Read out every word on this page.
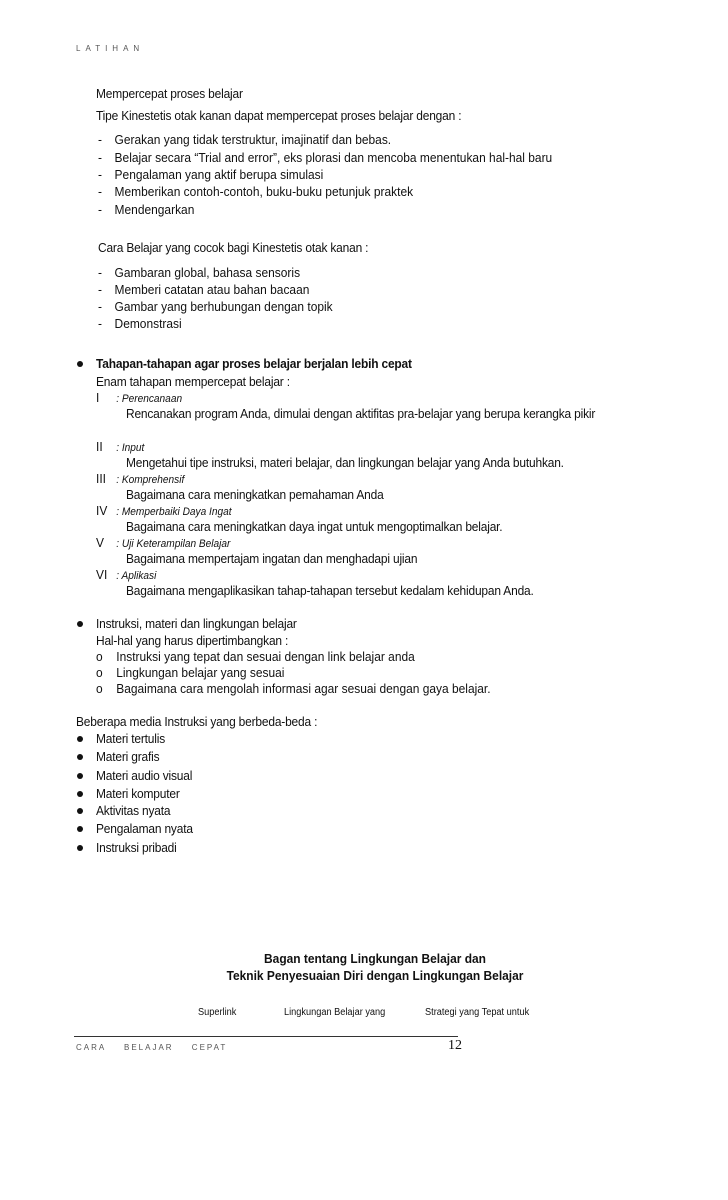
LATIHAN
Mempercepat proses belajar
Tipe Kinestetis otak kanan dapat mempercepat proses belajar dengan :
- Gerakan yang tidak terstruktur, imajinatif dan bebas.
- Belajar secara “Trial and error”, eks plorasi dan mencoba menentukan hal-hal baru
- Pengalaman yang aktif berupa simulasi
- Memberikan contoh-contoh, buku-buku petunjuk praktek
- Mendengarkan
Cara Belajar yang cocok bagi Kinestetis otak kanan :
- Gambaran global, bahasa sensoris
- Memberi catatan atau bahan bacaan
- Gambar yang berhubungan dengan topik
- Demonstrasi
Tahapan-tahapan agar proses belajar berjalan lebih cepat
Enam tahapan mempercepat belajar :
I : Perencanaan
Rencanakan program Anda, dimulai dengan aktifitas pra-belajar yang berupa kerangka pikir
II : Input
Mengetahui tipe instruksi, materi belajar, dan lingkungan belajar yang Anda butuhkan.
III : Komprehensif
Bagaimana cara meningkatkan pemahaman Anda
IV : Memperbaiki Daya Ingat
Bagaimana cara meningkatkan daya ingat untuk mengoptimalkan belajar.
V : Uji Keterampilan Belajar
Bagaimana mempertajam ingatan dan menghadapi ujian
VI : Aplikasi
Bagaimana mengaplikasikan tahap-tahapan tersebut kedalam kehidupan Anda.
Instruksi, materi dan lingkungan belajar
Hal-hal yang harus dipertimbangkan :
o Instruksi yang tepat dan sesuai dengan link belajar anda
o Lingkungan belajar yang sesuai
o Bagaimana cara mengolah informasi agar sesuai dengan gaya belajar.
Beberapa media Instruksi yang berbeda-beda :
Materi tertulis
Materi grafis
Materi audio visual
Materi komputer
Aktivitas nyata
Pengalaman nyata
Instruksi pribadi
Bagan tentang Lingkungan Belajar dan
Teknik Penyesuaian Diri dengan Lingkungan Belajar
Superlink	Lingkungan Belajar yang	Strategi yang Tepat untuk
CARA BELAJAR CEPAT	12
